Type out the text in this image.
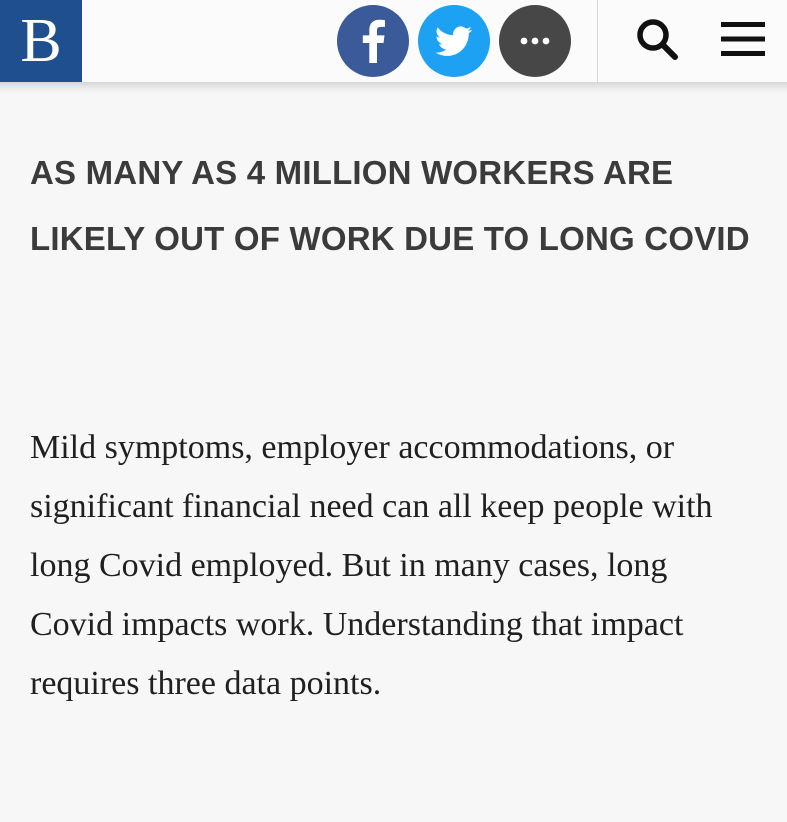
B
AS MANY AS 4 MILLION WORKERS ARE LIKELY OUT OF WORK DUE TO LONG COVID

Mild symptoms, employer accommodations, or significant financial need can all keep people with long Covid employed. But in many cases, long Covid impacts work. Understanding that impact requires three data points.
